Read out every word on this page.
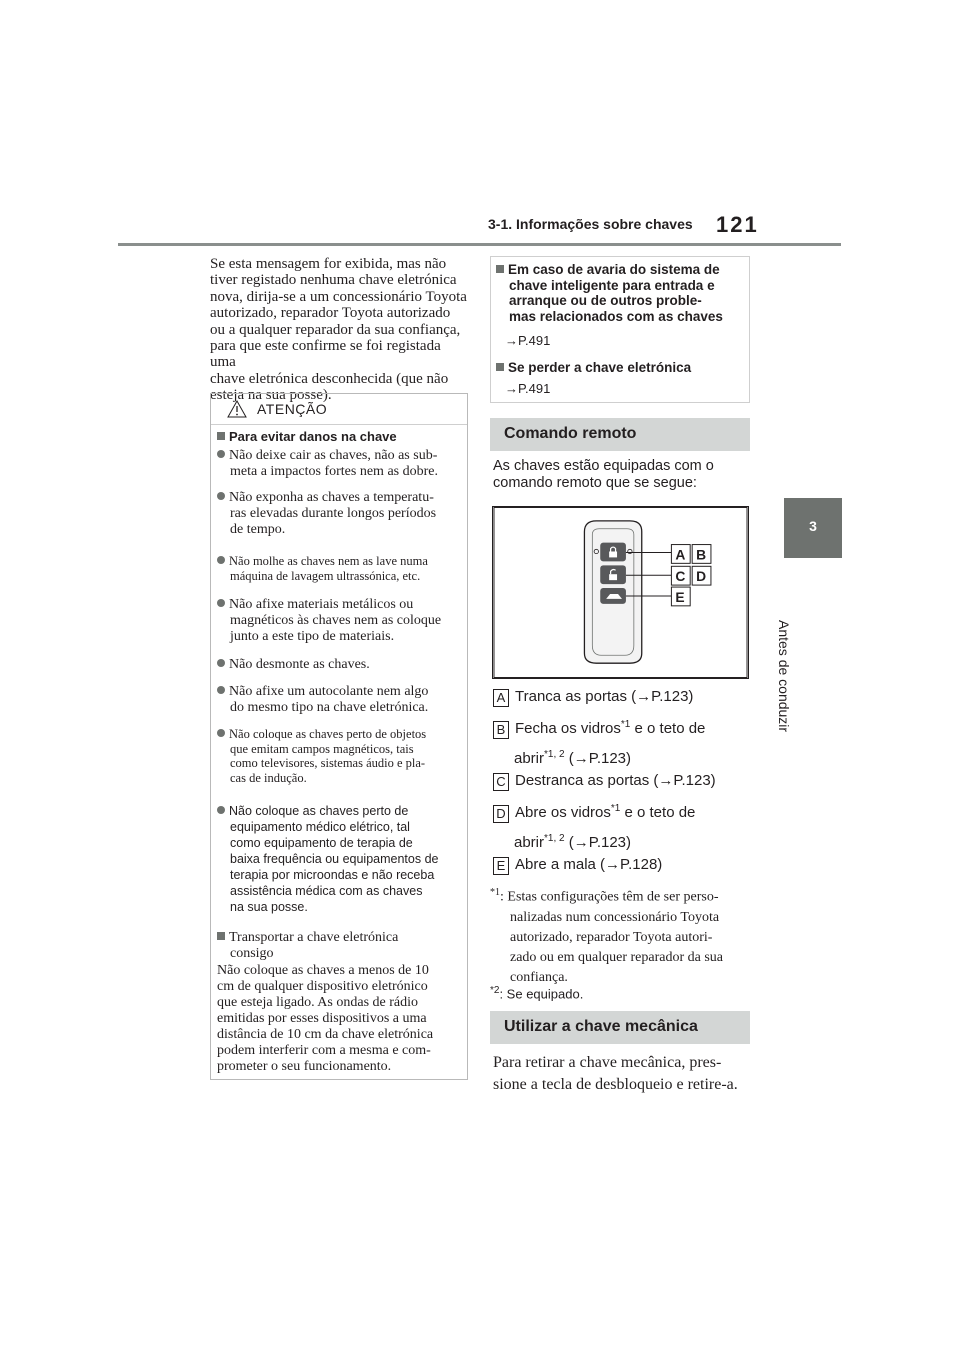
3-1. Informações sobre chaves 121
3
Antes de conduzir
Se esta mensagem for exibida, mas não
tiver registado nenhuma chave eletrónica
nova, dirija-se a um concessionário Toyota
autorizado, reparador Toyota autorizado
ou a qualquer reparador da sua confiança,
para que este confirme se foi registada uma
chave eletrónica desconhecida (que não
esteja na sua posse).
ATENÇÃO
Para evitar danos na chave
Não deixe cair as chaves, não as sub-
meta a impactos fortes nem as dobre.
Não exponha as chaves a temperatu-
ras elevadas durante longos períodos
de tempo.
Não molhe as chaves nem as lave numa
máquina de lavagem ultrassónica, etc.
Não afixe materiais metálicos ou
magnéticos às chaves nem as coloque
junto a este tipo de materiais.
Não desmonte as chaves.
Não afixe um autocolante nem algo
do mesmo tipo na chave eletrónica.
Não coloque as chaves perto de objetos
que emitam campos magnéticos, tais
como televisores, sistemas áudio e pla-
cas de indução.
Não coloque as chaves perto de
equipamento médico elétrico, tal
como equipamento de terapia de
baixa frequência ou equipamentos de
terapia por microondas e não receba
assistência médica com as chaves
na sua posse.
Transportar a chave eletrónica
consigo
Não coloque as chaves a menos de 10
cm de qualquer dispositivo eletrónico
que esteja ligado. As ondas de rádio
emitidas por esses dispositivos a uma
distância de 10 cm da chave eletrónica
podem interferir com a mesma e com-
prometer o seu funcionamento.
Em caso de avaria do sistema de
chave inteligente para entrada e
arranque ou de outros proble-
mas relacionados com as chaves
→P.491
Se perder a chave eletrónica
→P.491
Comando remoto
As chaves estão equipadas com o
comando remoto que se segue:
A B
C D
E
A Tranca as portas (→P.123)
B Fecha os vidros$^{*1}$ e o teto de
abrir$^{*1, 2}$ (→P.123)
C Destranca as portas (→P.123)
D Abre os vidros$^{*1}$ e o teto de
abrir$^{*1, 2}$ (→P.123)
E Abre a mala (→P.128)
$^{*1}$: Estas configurações têm de ser perso-
nalizadas num concessionário Toyota
autorizado, reparador Toyota autori-
zado ou em qualquer reparador da sua
confiança.
$^{*2}$: Se equipado.
Utilizar a chave mecânica
Para retirar a chave mecânica, pres-
sione a tecla de desbloqueio e retire-a.
